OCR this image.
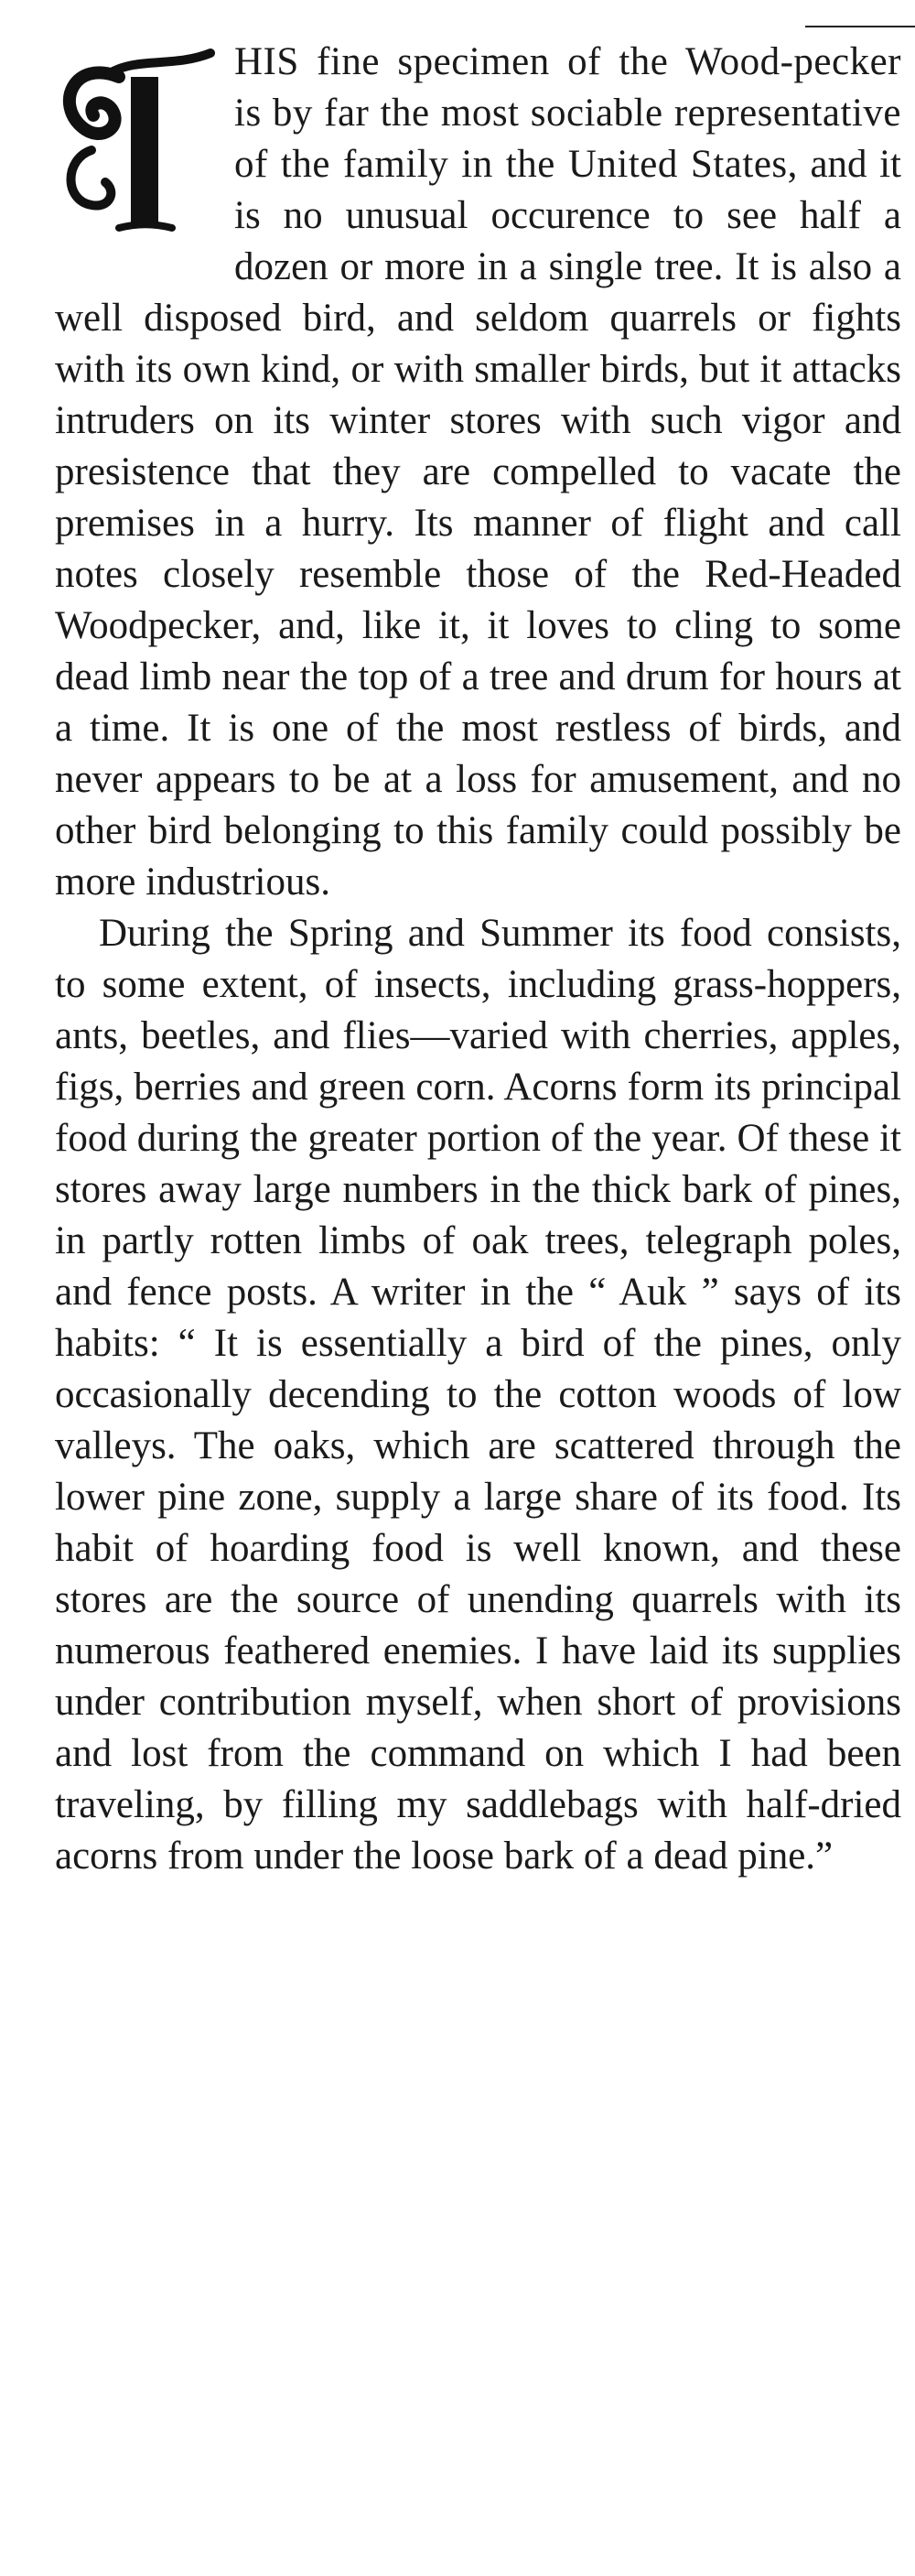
HIS fine specimen of the Wood-pecker is by far the most sociable representative of the family in the United States, and it is no unusual occurence to see half a dozen or more in a single tree. It is also a well disposed bird, and seldom quarrels or fights with its own kind, or with smaller birds, but it attacks intruders on its winter stores with such vigor and presistence that they are compelled to vacate the premises in a hurry. Its manner of flight and call notes closely resemble those of the Red-Headed Woodpecker, and, like it, it loves to cling to some dead limb near the top of a tree and drum for hours at a time. It is one of the most restless of birds, and never appears to be at a loss for amusement, and no other bird belonging to this family could possibly be more industrious.

During the Spring and Summer its food consists, to some extent, of insects, including grass-hoppers, ants, beetles, and flies—varied with cherries, apples, figs, berries and green corn. Acorns form its principal food during the greater portion of the year. Of these it stores away large numbers in the thick bark of pines, in partly rotten limbs of oak trees, telegraph poles, and fence posts. A writer in the “ Auk ” says of its habits: “ It is essentially a bird of the pines, only occasionally decending to the cotton woods of low valleys. The oaks, which are scattered through the lower pine zone, supply a large share of its food. Its habit of hoarding food is well known, and these stores are the source of unending quarrels with its numerous feathered enemies. I have laid its supplies under contribution myself, when short of provisions and lost from the command on which I had been traveling, by filling my saddlebags with half-dried acorns from under the loose bark of a dead pine.”
